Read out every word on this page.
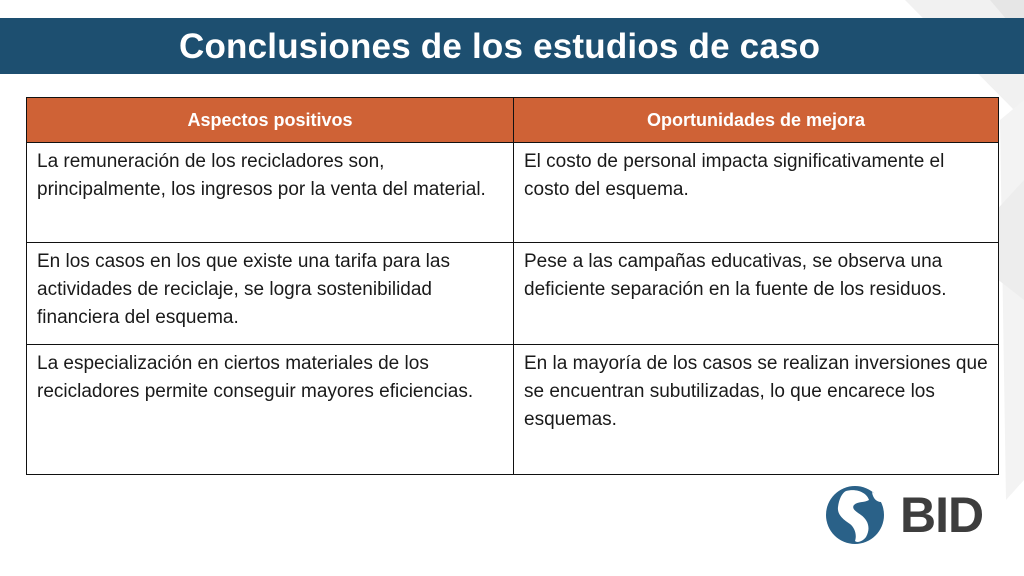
Conclusiones de los estudios de caso
Aspectos positivos	Oportunidades de mejora
La remuneración de los recicladores son, principalmente, los ingresos por la venta del material.	El costo de personal impacta significativamente el costo del esquema.
En los casos en los que existe una tarifa para las actividades de reciclaje, se logra sostenibilidad financiera del esquema.	Pese a las campañas educativas, se observa una deficiente separación en la fuente de los residuos.
La especialización en ciertos materiales de los recicladores permite conseguir mayores eficiencias.	En la mayoría de los casos se realizan inversiones que se encuentran subutilizadas, lo que encarece los esquemas.
BID
